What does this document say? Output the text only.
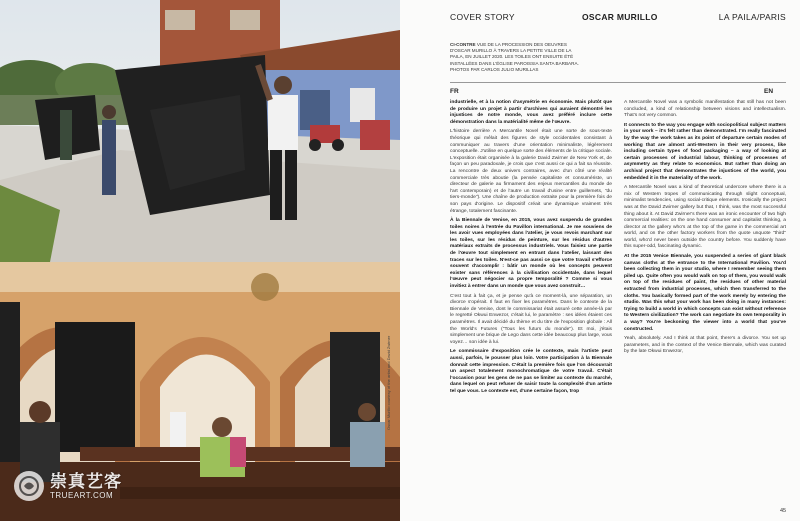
Oscar Murillo courtesy of the artist and David Zwirner
崇真艺客
TRUEART.COM
COVER STORY	OSCAR MURILLO	LA PAILA/PARIS
CI-CONTRE VUE DE LA PROCESSION DES OEUVRES D'OSCAR MURILLO À TRAVERS LA PETITE VILLE DE LA PAILA, EN JUILLET 2020. LES TOILES ONT ENSUITE ÉTÉ INSTALLÉES DANS L'ÉGLISE PAROISSIA SANTA BARBARA. PHOTOS PAR CARLOS JULIO MURILLAS
FR	EN

industrielle, et à la notion d'asymétrie en économie. Mais plutôt que de produire un projet à partir d'archives qui auraient démontré les injustices de notre monde, vous avez préféré inclure cette démonstration dans la matérialité même de l'œuvre.

L'histoire derrière A Mercantile Novel était une sorte de sous-texte théorique qui mêlait des figures de style occidentales consistant à communiquer au travers d'une orientation minimaliste, légèrement conceptuelle. J'utilise en quelque sorte des éléments de la critique sociale. L'exposition était organisée à la galerie David Zwirner de New York et, de façon un peu paradoxale, je crois que c'est aussi ce qui a fait sa réussite. La rencontre de deux univers contraires, avec d'un côté une réalité commerciale très aboutie (la pensée capitaliste et consumériste, un directeur de galerie au firmament des enjeux mercantiles du monde de l'art contemporain) et de l'autre un travail d'usine entre guillemets, "du tiers-monde"). Une chaîne de production extraite pour la première fois de son pays d'origine. Le dispositif créait une dynamique vraiment très étrange, totalement fascinante.

À la Biennale de Venise, en 2015, vous avez suspendu de grandes toiles noires à l'entrée du Pavillon international. Je me souviens de les avoir vues employées dans l'atelier, je vous revois marchant sur les toiles, sur les résidus de peinture, sur les résidus d'autres matériaux extraits de processus industriels. Vous faisiez une partie de l'œuvre tout simplement en entrant dans l'atelier, laissant des traces sur les toiles. N'est-ce pas aussi ce que votre travail s'efforce souvent d'accomplir : bâtir un monde où les concepts peuvent exister sans références à la civilisation occidentale, dans lequel l'œuvre peut négocier sa propre temporalité ? Comme si vous invitiez à entrer dans un monde que vous avez construit…

C'est tout à fait ça, et je pense qu'à ce moment-là, une séparation, un divorce s'opérait. Il faut en fixer les paramètres. Dans le contexte de la Biennale de Venise, dont le commissariat était assuré cette année-là par le regretté Okwui Enwezor, c'était lui, le paramètre : ses idées étaient ces paramètres. Il avait décidé du thème et du titre de l'exposition globale : All the World's Futures ("Tous les futurs du monde"). Et moi, j'étais simplement une brique de Lego dans cette idée beaucoup plus large, vous voyez… son idée à lui.

Le commissaire d'exposition crée le contexte, mais l'artiste peut aussi, parfois, le pousser plus loin. Votre participation à la Biennale donnait cette impression. C'était la première fois que l'on découvrait un aspect totalement monochromatique de votre travail. C'était l'occasion pour les gens de ne pas se limiter au contexte du marché, dans lequel on peut refuser de saisir toute la complexité d'un artiste tel que vous. Le contexte est, d'une certaine façon, trop

A Mercantile Novel was a symbolic manifestation that still has not been concluded, a kind of relationship between visions and intellectualism. That's not very common.

It connects to the way you engage with sociopolitical subject matters in your work – it's felt rather than demonstrated. I'm really fascinated by the way the work takes as its point of departure certain modes of working that are almost anti-Western in their very process, like including certain types of food packaging – a way of looking at certain processes of industrial labour, thinking of processes of asymmetry as they relate to economics. But rather than doing an archival project that demonstrates the injustices of the world, you embedded it in the materiality of the work.

A Mercantile Novel was a kind of theoretical undercore where there is a mix of Western tropes of communicating through slight conceptual, minimalist tendencies, using social-critique elements. Ironically the project was at the David Zwirner gallery but that, I think, was the most successful thing about it. At David Zwirner's there was an ironic encounter of two high commercial realities: on the one hand consumer and capitalist thinking, a director at the gallery who's at the top of the game in the commercial art world, and on the other factory workers from the quote unquote "third" world, who'd never been outside the country before. You suddenly have this super-odd, fascinating dynamic.

At the 2015 Venice Biennale, you suspended a series of giant black canvas cloths at the entrance to the International Pavilion. You'd been collecting them in your studio, where I remember seeing them piled up. Quite often you would walk on top of them, you would walk on top of the residues of paint, the residues of other material extracted from industrial processes, which then transferred to the cloths. You basically formed part of the work merely by entering the studio. Was this what your work has been doing in many instances: trying to build a world in which concepts can exist without reference to Western civilization? The work can negotiate its own temporality in a way? You're beckoning the viewer into a world that you've constructed.

Yeah, absolutely. And I think at that point, there's a divorce. You set up parameters, and in the context of the Venice Biennale, which was curated by the late Okwui Enwezor,

45
